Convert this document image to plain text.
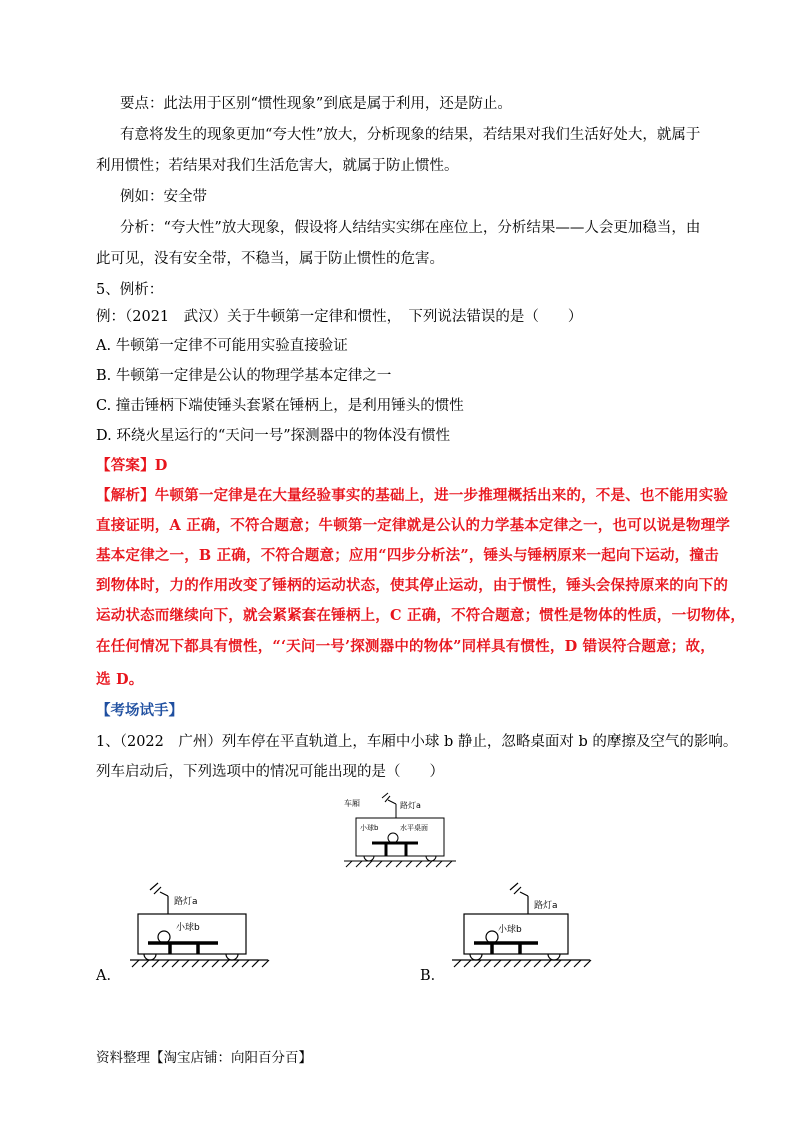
要点：此法用于区别“惯性现象”到底是属于利用，还是防止。
有意将发生的现象更加“夸大性”放大，分析现象的结果，若结果对我们生活好处大，就属于
利用惯性；若结果对我们生活危害大，就属于防止惯性。
例如：安全带
分析：“夸大性”放大现象，假设将人结结实实绑在座位上，分析结果——人会更加稳当，由
此可见，没有安全带，不稳当，属于防止惯性的危害。
5、例析：
例：（2021　武汉）关于牛顿第一定律和惯性，　下列说法错误的是（　　）
A. 牛顿第一定律不可能用实验直接验证
B. 牛顿第一定律是公认的物理学基本定律之一
C. 撞击锤柄下端使锤头套紧在锤柄上，是利用锤头的惯性
D. 环绕火星运行的“天问一号”探测器中的物体没有惯性
【答案】D
【解析】牛顿第一定律是在大量经验事实的基础上，进一步推理概括出来的，不是、也不能用实验
直接证明，A 正确，不符合题意；牛顿第一定律就是公认的力学基本定律之一，也可以说是物理学
基本定律之一，B 正确，不符合题意；应用“四步分析法”，锤头与锤柄原来一起向下运动，撞击
到物体时，力的作用改变了锤柄的运动状态，使其停止运动，由于惯性，锤头会保持原来的向下的
运动状态而继续向下，就会紧紧套在锤柄上，C 正确，不符合题意；惯性是物体的性质，一切物体，
在任何情况下都具有惯性，“‘天问一号’探测器中的物体”同样具有惯性，D 错误符合题意；故，
选 D。
【考场试手】
1、（2022　广州）列车停在平直轨道上，车厢中小球 b 静止，忽略桌面对 b 的摩擦及空气的影响。
列车启动后，下列选项中的情况可能出现的是（　　）
车厢	路灯a
小球b	水平桌面
路灯a
小球b
A．
路灯a
小球b
B．
资料整理【淘宝店铺：向阳百分百】
